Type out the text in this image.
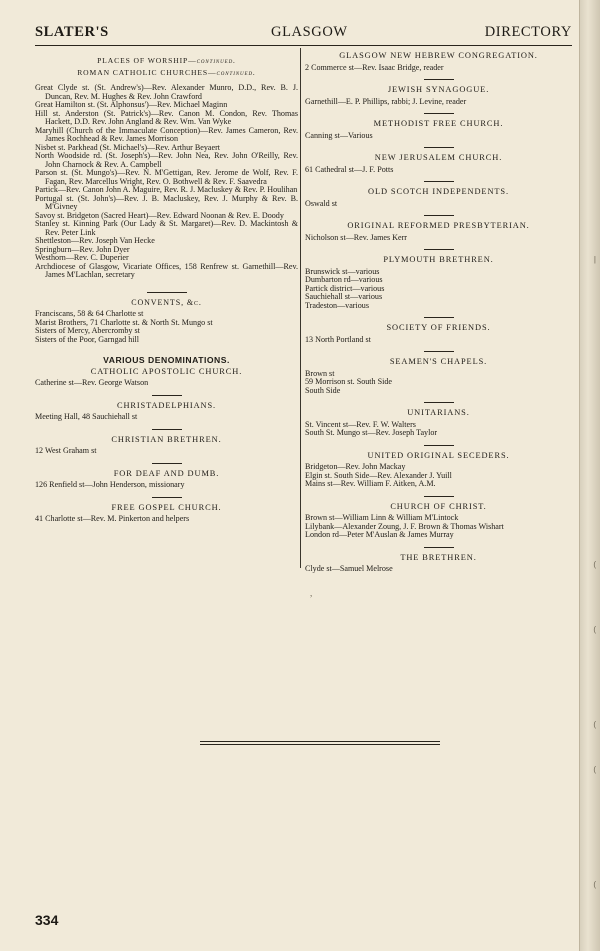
|
(
(
(
(
(
SLATER'S	GLASGOW	DIRECTORY
PLACES OF WORSHIP—continued.
ROMAN CATHOLIC CHURCHES—continued.
Great Clyde st. (St. Andrew's)—Rev. Alexander Munro, D.D., Rev. B. J. Duncan, Rev. M. Hughes & Rev. John Crawford
Great Hamilton st. (St. Alphonsus')—Rev. Michael Maginn
Hill st. Anderston (St. Patrick's)—Rev. Canon M. Condon, Rev. Thomas Hackett, D.D. Rev. John Angland & Rev. Wm. Van Wyke
Maryhill (Church of the Immaculate Conception)—Rev. James Cameron, Rev. James Rochhead & Rev. James Morrison
Nisbet st. Parkhead (St. Michael's)—Rev. Arthur Beyaert
North Woodside rd. (St. Joseph's)—Rev. John Nea, Rev. John O'Reilly, Rev. John Charnock & Rev. A. Campbell
Parson st. (St. Mungo's)—Rev. N. M'Gettigan, Rev. Jerome de Wolf, Rev. F. Fagan, Rev. Marcellus Wright, Rev. O. Bothwell & Rev. F. Saavedra
Partick—Rev. Canon John A. Maguire, Rev. R. J. Macluskey & Rev. P. Houlihan
Portugal st. (St. John's)—Rev. J. B. Macluskey, Rev. J. Murphy & Rev. B. M'Givney
Savoy st. Bridgeton (Sacred Heart)—Rev. Edward Noonan & Rev. E. Doody
Stanley st. Kinning Park (Our Lady & St. Margaret)—Rev. D. Mackintosh & Rev. Peter Link
Shettleston—Rev. Joseph Van Hecke
Springburn—Rev. John Dyer
Westhorn—Rev. C. Duperier
Archdiocese of Glasgow, Vicariate Offices, 158 Renfrew st. Garnethill—Rev. James M'Lachlan, secretary
CONVENTS, &c.
Franciscans, 58 & 64 Charlotte st
Marist Brothers, 71 Charlotte st. & North St. Mungo st
Sisters of Mercy, Abercromby st
Sisters of the Poor, Garngad hill
VARIOUS DENOMINATIONS.
CATHOLIC APOSTOLIC CHURCH.
Catherine st—Rev. George Watson
CHRISTADELPHIANS.
Meeting Hall, 48 Sauchiehall st
CHRISTIAN BRETHREN.
12 West Graham st
FOR DEAF AND DUMB.
126 Renfield st—John Henderson, missionary
FREE GOSPEL CHURCH.
41 Charlotte st—Rev. M. Pinkerton and helpers
GLASGOW NEW HEBREW CONGREGATION.
2 Commerce st—Rev. Isaac Bridge, reader
JEWISH SYNAGOGUE.
Garnethill—E. P. Phillips, rabbi; J. Levine, reader
METHODIST FREE CHURCH.
Canning st—Various
NEW JERUSALEM CHURCH.
61 Cathedral st—J. F. Potts
OLD SCOTCH INDEPENDENTS.
Oswald st
ORIGINAL REFORMED PRESBYTERIAN.
Nicholson st—Rev. James Kerr
PLYMOUTH BRETHREN.
Brunswick st—various
Dumbarton rd—various
Partick district—various
Sauchiehall st—various
Tradeston—various
SOCIETY OF FRIENDS.
13 North Portland st
SEAMEN'S CHAPELS.
Brown st
59 Morrison st. South Side
South Side
UNITARIANS.
St. Vincent st—Rev. F. W. Walters
South St. Mungo st—Rev. Joseph Taylor
UNITED ORIGINAL SECEDERS.
Bridgeton—Rev. John Mackay
Elgin st. South Side—Rev. Alexander J. Yuill
Mains st—Rev. William F. Aitken, A.M.
CHURCH OF CHRIST.
Brown st—William Linn & William M'Lintock
Lilybank—Alexander Zoung, J. F. Brown & Thomas Wishart
London rd—Peter M'Auslan & James Murray
THE BRETHREN.
Clyde st—Samuel Melrose
,
334
